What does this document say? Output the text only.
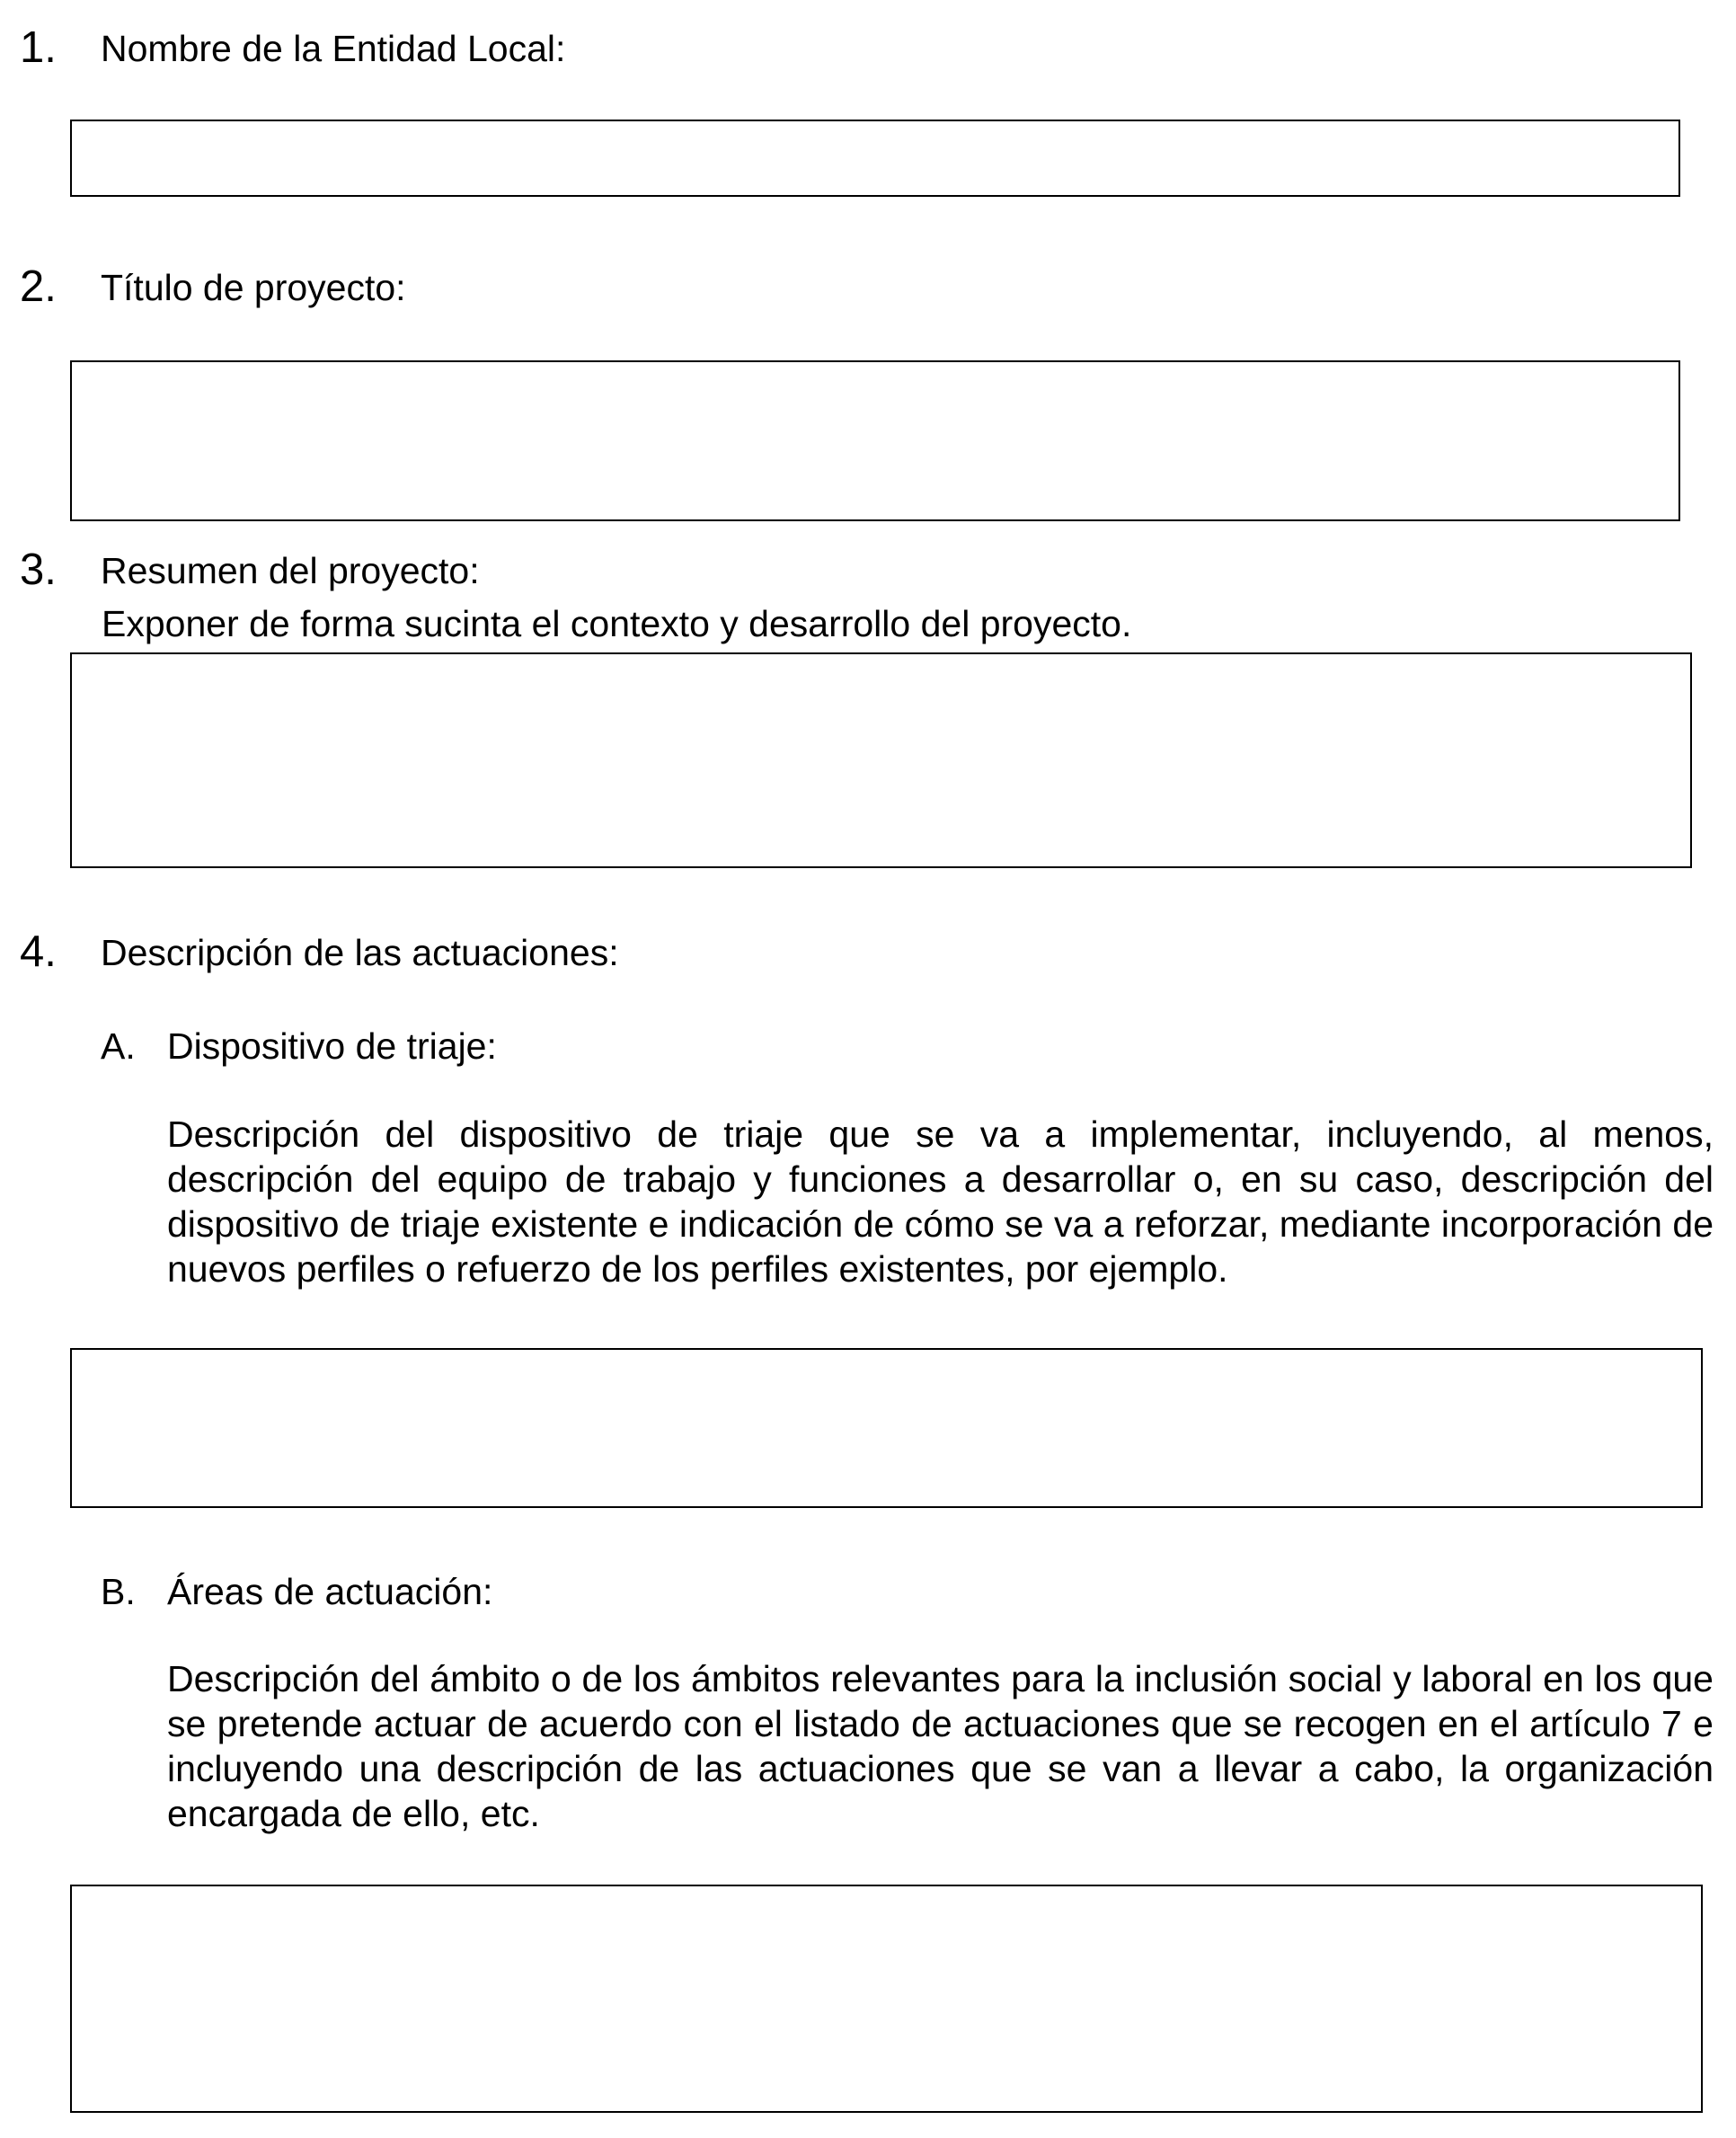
1. Nombre de la Entidad Local:
2. Título de proyecto:
3. Resumen del proyecto:
Exponer de forma sucinta el contexto y desarrollo del proyecto.
4. Descripción de las actuaciones:
A. Dispositivo de triaje:
Descripción del dispositivo de triaje que se va a implementar, incluyendo, al menos, descripción del equipo de trabajo y funciones a desarrollar o, en su caso, descripción del dispositivo de triaje existente e indicación de cómo se va a reforzar, mediante incorporación de nuevos perfiles o refuerzo de los perfiles existentes, por ejemplo.
B. Áreas de actuación:
Descripción del ámbito o de los ámbitos relevantes para la inclusión social y laboral en los que se pretende actuar de acuerdo con el listado de actuaciones que se recogen en el artículo 7 e incluyendo una descripción de las actuaciones que se van a llevar a cabo, la organización encargada de ello, etc.
